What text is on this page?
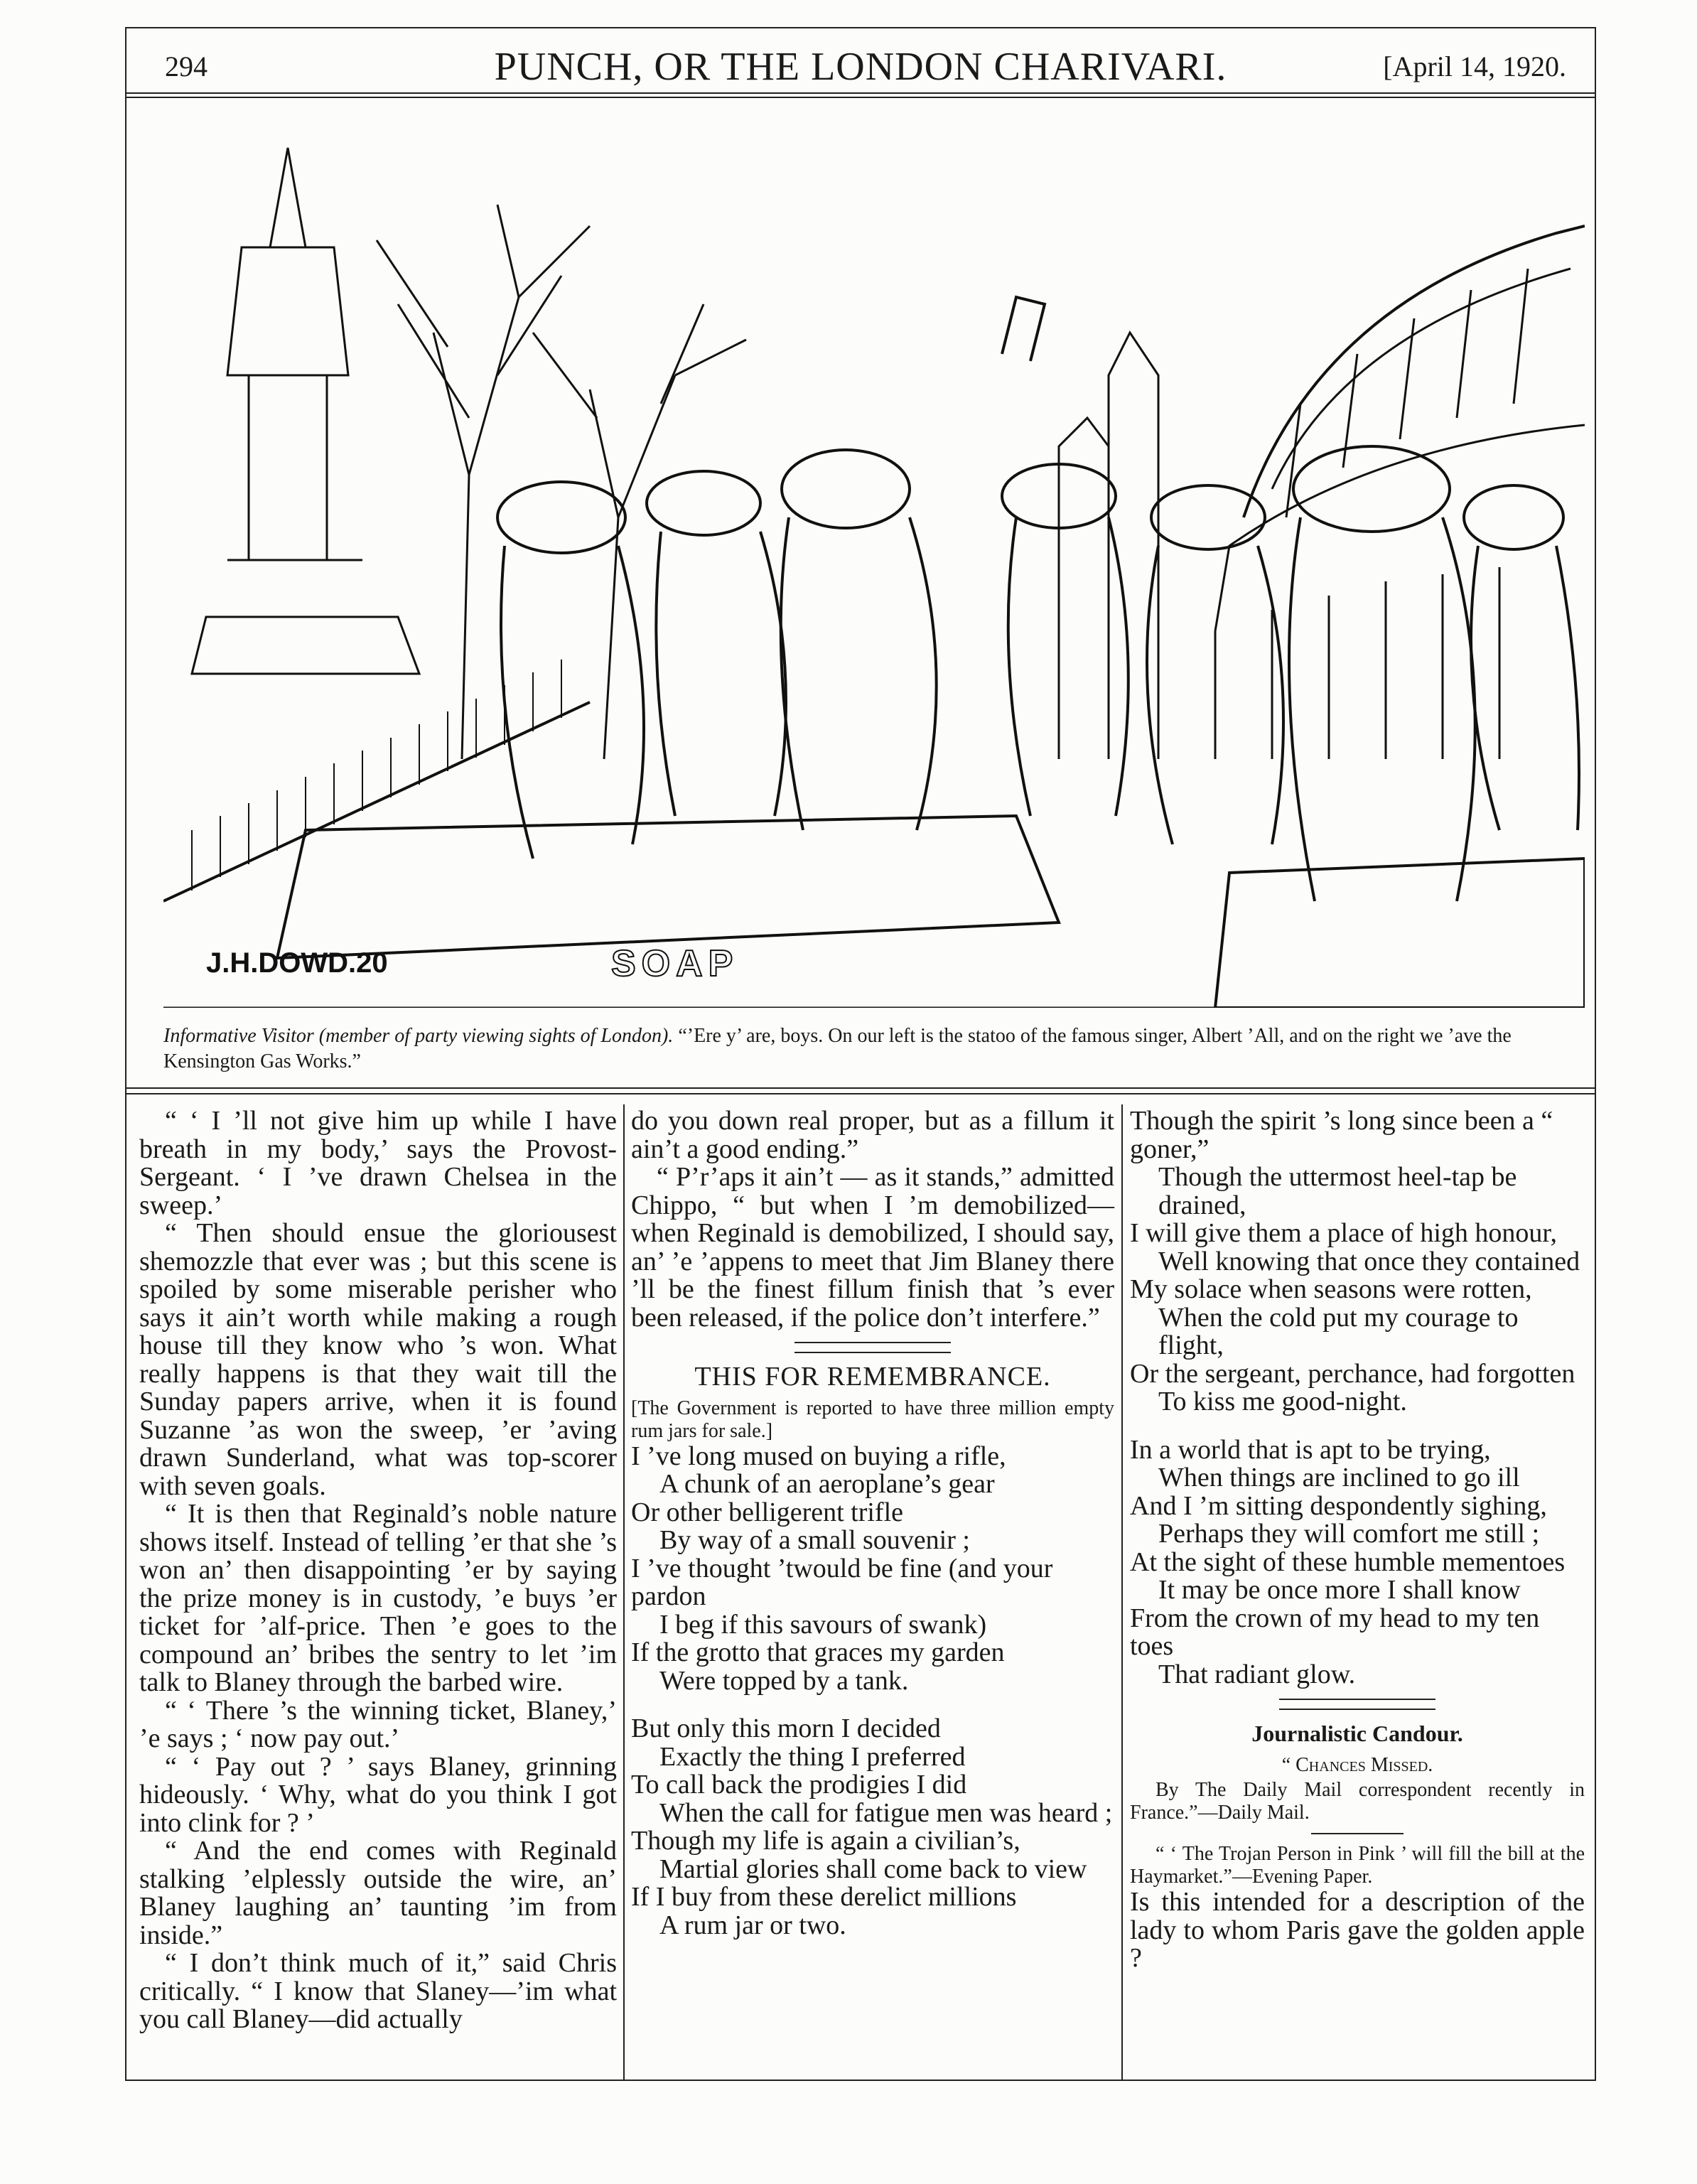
294	PUNCH, OR THE LONDON CHARIVARI.	[April 14, 1920.
J.H.DOWD.20	SOAP
Informative Visitor (member of party viewing sights of London). “’Ere y’ are, boys. On our left is the statoo of the famous singer, Albert ’All, and on the right we ’ave the Kensington Gas Works.”

“ ‘ I ’ll not give him up while I have breath in my body,’ says the Provost-Sergeant. ‘ I ’ve drawn Chelsea in the sweep.’

“ Then should ensue the gloriousest shemozzle that ever was ; but this scene is spoiled by some miserable perisher who says it ain’t worth while making a rough house till they know who ’s won. What really happens is that they wait till the Sunday papers arrive, when it is found Suzanne ’as won the sweep, ’er ’aving drawn Sunderland, what was top-scorer with seven goals.

“ It is then that Reginald’s noble nature shows itself. Instead of telling ’er that she ’s won an’ then disappointing ’er by saying the prize money is in custody, ’e buys ’er ticket for ’alf-price. Then ’e goes to the compound an’ bribes the sentry to let ’im talk to Blaney through the barbed wire.

“ ‘ There ’s the winning ticket, Blaney,’ ’e says ; ‘ now pay out.’

“ ‘ Pay out ? ’ says Blaney, grinning hideously. ‘ Why, what do you think I got into clink for ? ’

“ And the end comes with Reginald stalking ’elplessly outside the wire, an’ Blaney laughing an’ taunting ’im from inside.”

“ I don’t think much of it,” said Chris critically. “ I know that Slaney—’im what you call Blaney—did actually

do you down real proper, but as a fillum it ain’t a good ending.”

“ P’r’aps it ain’t — as it stands,” admitted Chippo, “ but when I ’m demobilized—when Reginald is demobilized, I should say, an’ ’e ’appens to meet that Jim Blaney there ’ll be the finest fillum finish that ’s ever been released, if the police don’t interfere.”

THIS FOR REMEMBRANCE.

[The Government is reported to have three million empty rum jars for sale.]

I ’ve long mused on buying a rifle,

A chunk of an aeroplane’s gear

Or other belligerent trifle

By way of a small souvenir ;

I ’ve thought ’twould be fine (and your pardon

I beg if this savours of swank)

If the grotto that graces my garden

Were topped by a tank.

But only this morn I decided

Exactly the thing I preferred

To call back the prodigies I did

When the call for fatigue men was heard ;

Though my life is again a civilian’s,

Martial glories shall come back to view

If I buy from these derelict millions

A rum jar or two.

Though the spirit ’s long since been a “ goner,”

Though the uttermost heel-tap be drained,

I will give them a place of high honour,

Well knowing that once they contained

My solace when seasons were rotten,

When the cold put my courage to flight,

Or the sergeant, perchance, had forgotten

To kiss me good-night.

In a world that is apt to be trying,

When things are inclined to go ill

And I ’m sitting despondently sighing,

Perhaps they will comfort me still ;

At the sight of these humble mementoes

It may be once more I shall know

From the crown of my head to my ten toes

That radiant glow.

Journalistic Candour.

“ Chances Missed.

By The Daily Mail correspondent recently in France.”—Daily Mail.

“ ‘ The Trojan Person in Pink ’ will fill the bill at the Haymarket.”—Evening Paper.

Is this intended for a description of the lady to whom Paris gave the golden apple ?
